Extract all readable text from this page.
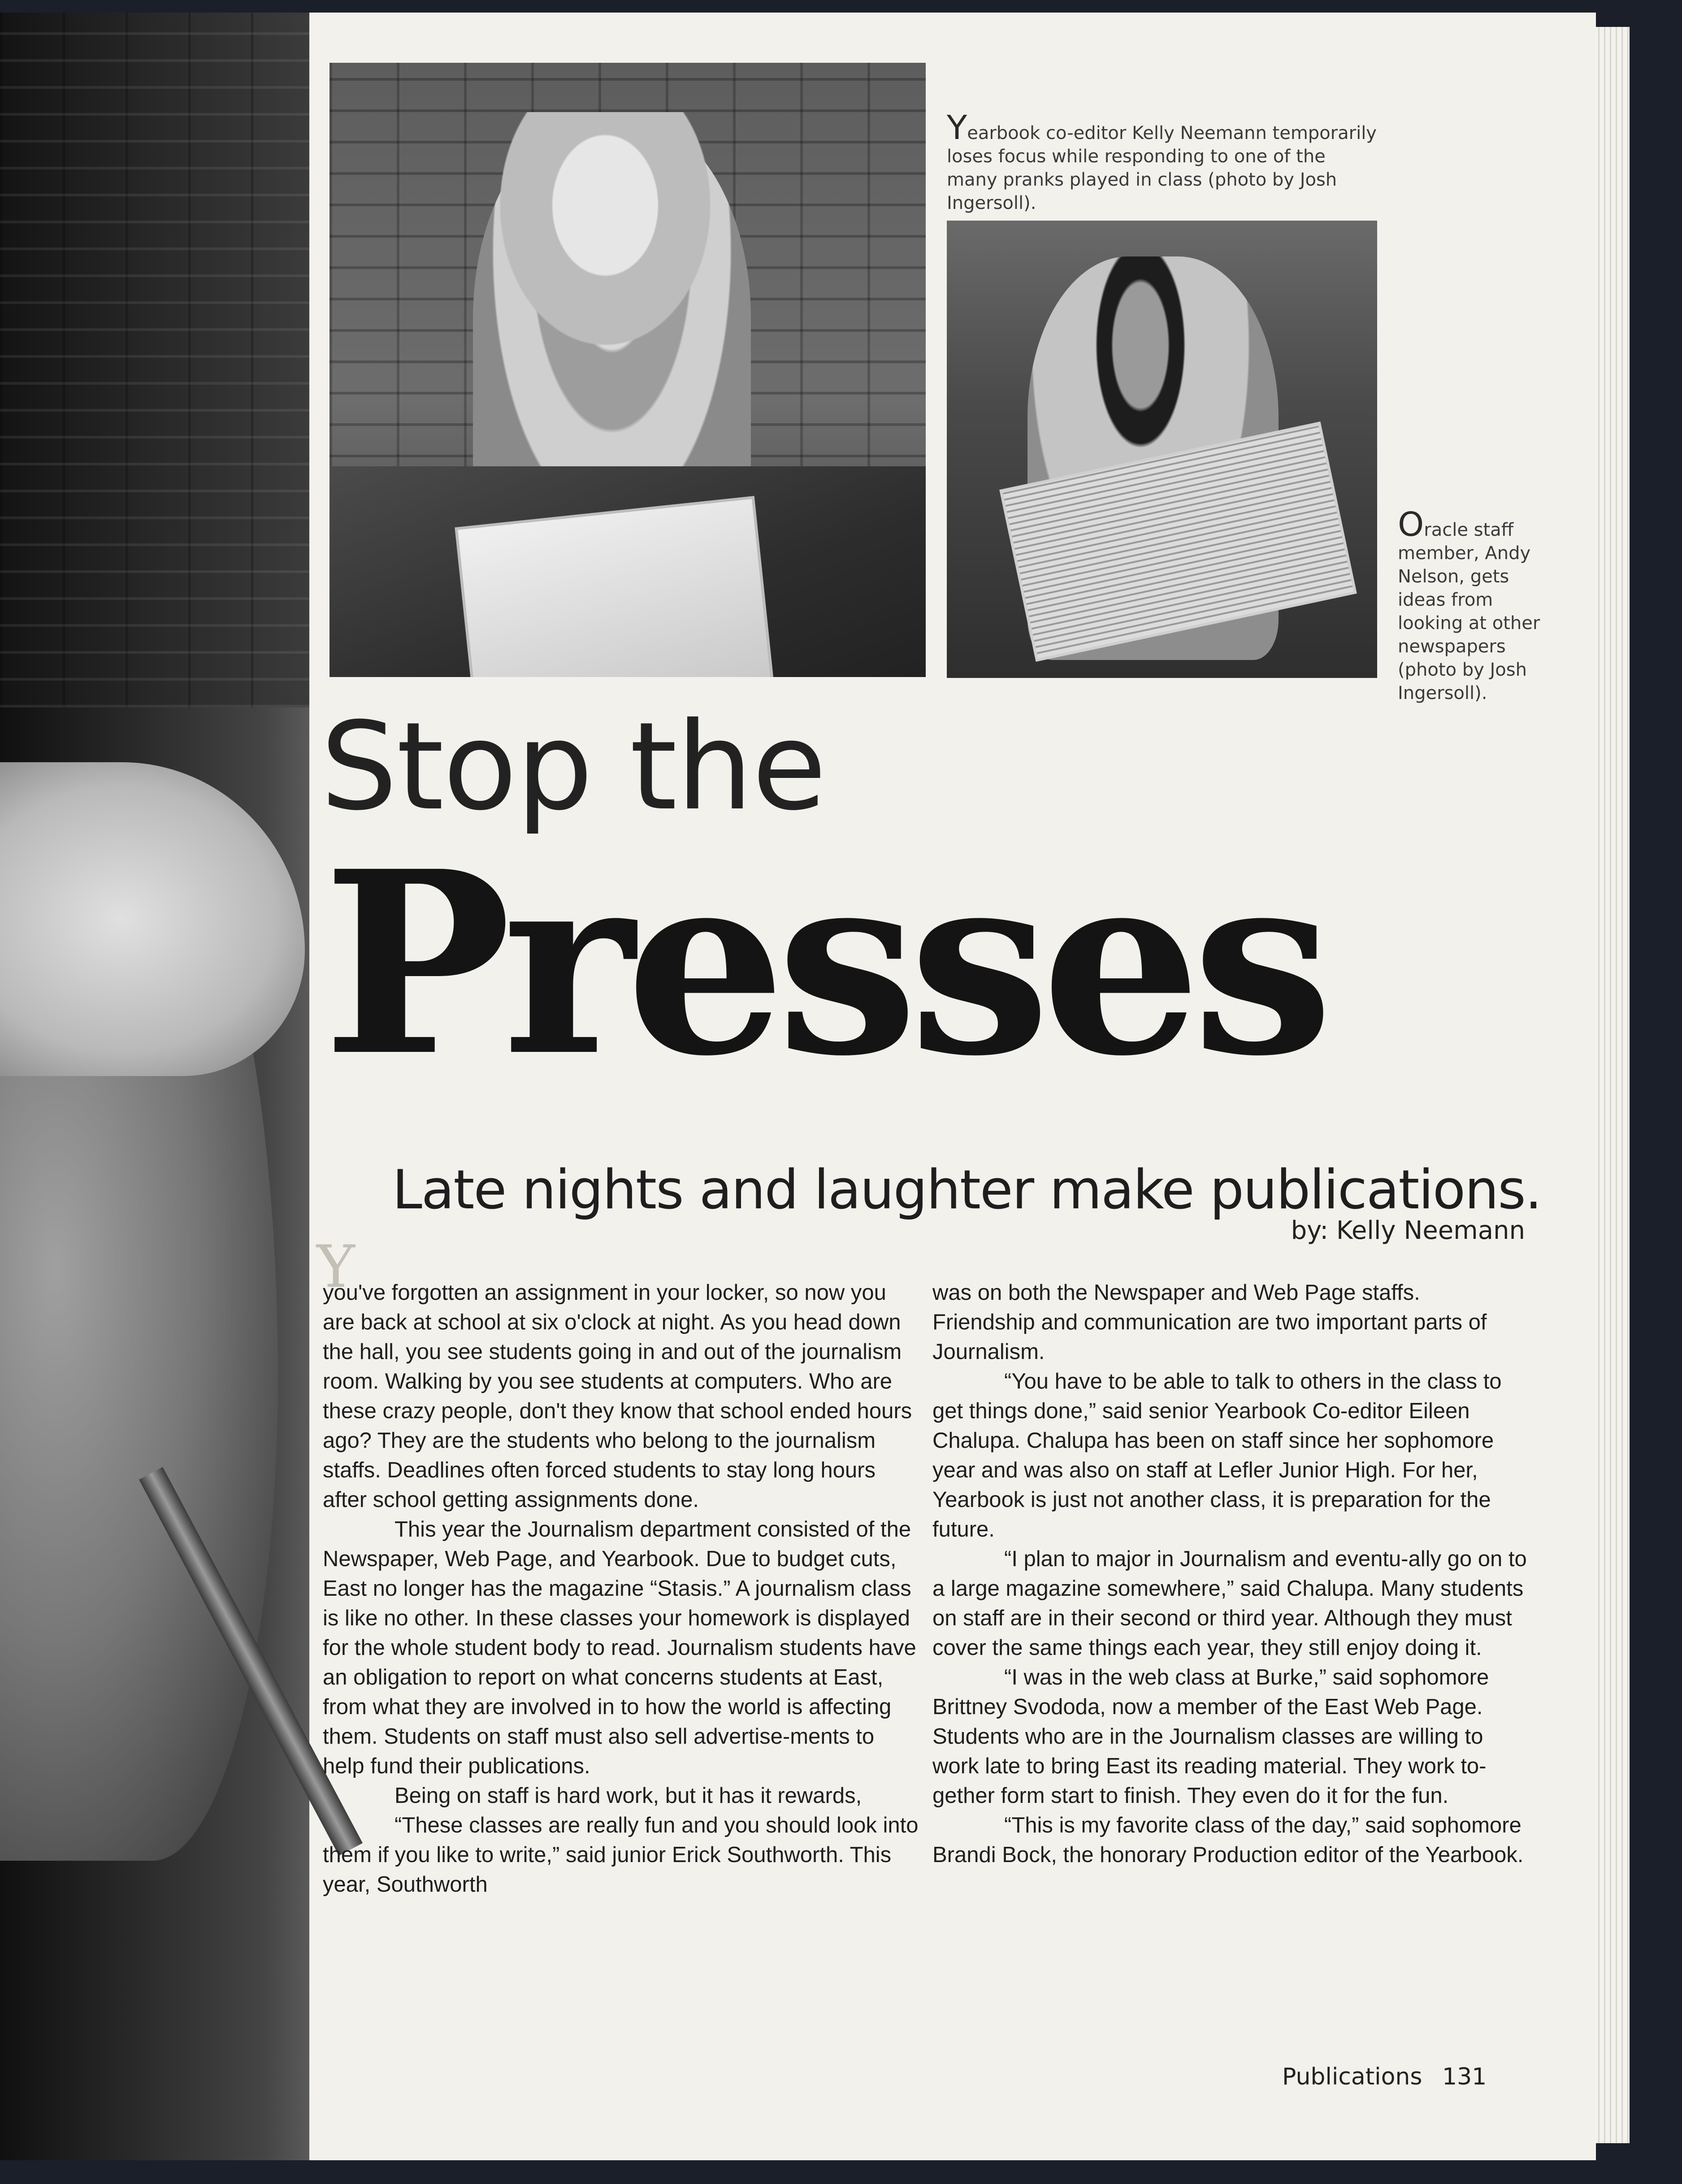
Yearbook co-editor Kelly Neemann temporarily loses focus while responding to one of the many pranks played in class (photo by Josh Ingersoll).
Oracle staff member, Andy Nelson, gets ideas from looking at other newspapers (photo by Josh Ingersoll).
Stop the
Presses
Late nights and laughter make publications.
by: Kelly Neemann
Y

you've forgotten an assignment in your locker, so now you are back at school at six o'clock at night. As you head down the hall, you see students going in and out of the journalism room. Walking by you see students at computers. Who are these crazy people, don't they know that school ended hours ago? They are the students who belong to the journalism staffs. Deadlines often forced students to stay long hours after school getting assignments done.

This year the Journalism department consisted of the Newspaper, Web Page, and Yearbook. Due to budget cuts, East no longer has the magazine “Stasis.” A journalism class is like no other. In these classes your homework is displayed for the whole student body to read. Journalism students have an obligation to report on what concerns students at East, from what they are involved in to how the world is affecting them. Students on staff must also sell advertise-ments to help fund their publications.

Being on staff is hard work, but it has it rewards,

“These classes are really fun and you should look into them if you like to write,” said junior Erick Southworth. This year, Southworth

was on both the Newspaper and Web Page staffs. Friendship and communication are two important parts of Journalism.

“You have to be able to talk to others in the class to get things done,” said senior Yearbook Co-editor Eileen Chalupa. Chalupa has been on staff since her sophomore year and was also on staff at Lefler Junior High. For her, Yearbook is just not another class, it is preparation for the future.

“I plan to major in Journalism and eventu-ally go on to a large magazine somewhere,” said Chalupa. Many students on staff are in their second or third year. Although they must cover the same things each year, they still enjoy doing it.

“I was in the web class at Burke,” said sophomore Brittney Svododa, now a member of the East Web Page. Students who are in the Journalism classes are willing to work late to bring East its reading material. They work to-gether form start to finish. They even do it for the fun.

“This is my favorite class of the day,” said sophomore Brandi Bock, the honorary Production editor of the Yearbook.

Publications 131
